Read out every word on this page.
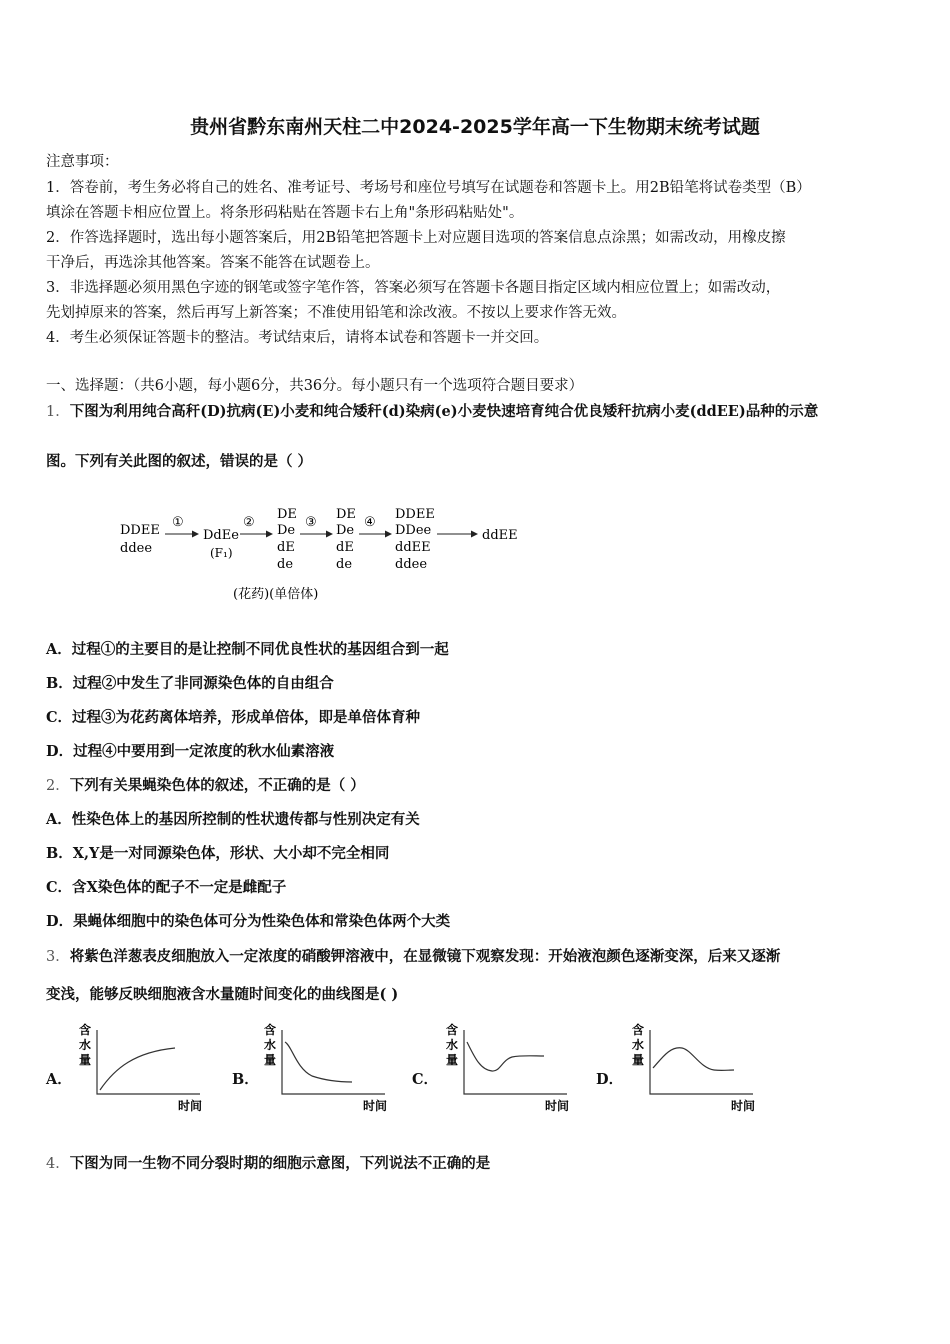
贵州省黔东南州天柱二中2024-2025学年高一下生物期末统考试题
注意事项：
1．答卷前，考生务必将自己的姓名、准考证号、考场号和座位号填写在试题卷和答题卡上。用2B铅笔将试卷类型（B）
填涂在答题卡相应位置上。将条形码粘贴在答题卡右上角"条形码粘贴处"。
2．作答选择题时，选出每小题答案后，用2B铅笔把答题卡上对应题目选项的答案信息点涂黑；如需改动，用橡皮擦
干净后，再选涂其他答案。答案不能答在试题卷上。
3．非选择题必须用黑色字迹的钢笔或签字笔作答，答案必须写在答题卡各题目指定区域内相应位置上；如需改动，
先划掉原来的答案，然后再写上新答案；不准使用铅笔和涂改液。不按以上要求作答无效。
4．考生必须保证答题卡的整洁。考试结束后，请将本试卷和答题卡一并交回。
一、选择题：（共6小题，每小题6分，共36分。每小题只有一个选项符合题目要求）
1．下图为利用纯合高秆(D)抗病(E)小麦和纯合矮秆(d)染病(e)小麦快速培育纯合优良矮秆抗病小麦(ddEE)品种的示意
图。下列有关此图的叙述，错误的是（ ）
DDEE
ddee
①
DdEe
(F₁)
②
DE
De
dE
de
③
DE
De
dE
de
④
DDEE
DDee
ddEE
ddee
ddEE
(花药)(单倍体)
A．过程①的主要目的是让控制不同优良性状的基因组合到一起
B．过程②中发生了非同源染色体的自由组合
C．过程③为花药离体培养，形成单倍体，即是单倍体育种
D．过程④中要用到一定浓度的秋水仙素溶液
2．下列有关果蝇染色体的叙述，不正确的是（ ）
A．性染色体上的基因所控制的性状遗传都与性别决定有关
B．X,Y是一对同源染色体，形状、大小却不完全相同
C．含X染色体的配子不一定是雌配子
D．果蝇体细胞中的染色体可分为性染色体和常染色体两个大类
3．将紫色洋葱表皮细胞放入一定浓度的硝酸钾溶液中，在显微镜下观察发现：开始液泡颜色逐渐变深，后来又逐渐
变浅，能够反映细胞液含水量随时间变化的曲线图是( )
A．
含
水
量
时间
B．
含
水
量
时间
C．
含
水
量
时间
D．
含
水
量
时间
4．下图为同一生物不同分裂时期的细胞示意图，下列说法不正确的是
